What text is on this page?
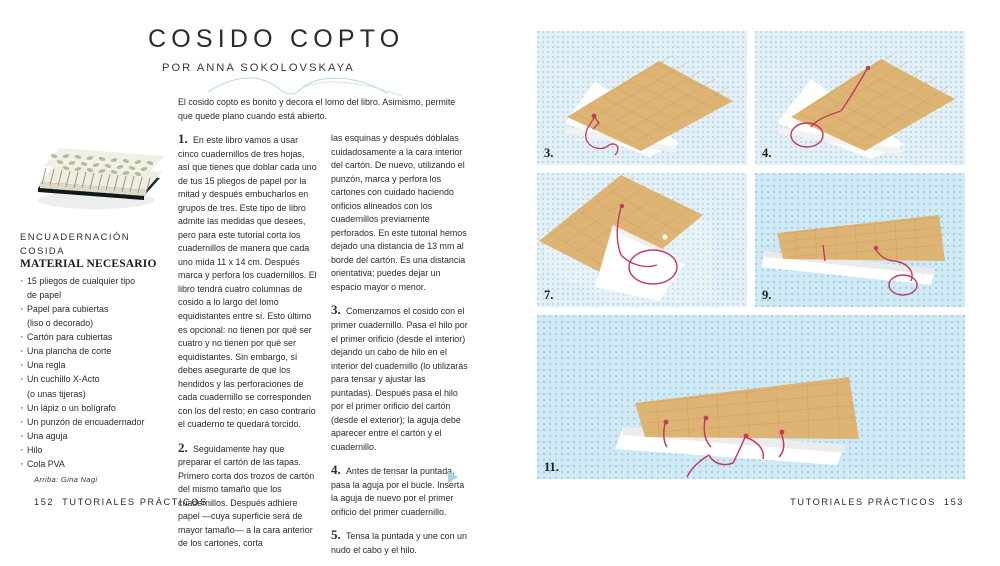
COSIDO COPTO
POR ANNA SOKOLOVSKAYA
ENCUADERNACIÓN COSIDA
MATERIAL NECESARIO
· 15 pliegos de cualquier tipo
de papel
· Papel para cubiertas
(liso o decorado)
· Cartón para cubiertas
· Una plancha de corte
· Una regla
· Un cuchillo X-Acto
(o unas tijeras)
· Un lápiz o un bolígrafo
· Un punzón de encuadernador
· Una aguja
· Hilo
· Cola PVA

El cosido copto es bonito y decora el lomo del libro. Asimismo, permite que quede plano cuando está abierto.

1. En este libro vamos a usar cinco cuadernillos de tres hojas, así que tienes que doblar cada uno de tus 15 pliegos de papel por la mitad y después embucharlos en grupos de tres. Este tipo de libro admite las medidas que desees, pero para este tutorial corta los cuadernillos de manera que cada uno mida 11 x 14 cm. Después marca y perfora los cuadernillos. El libro tendrá cuatro columnas de cosido a lo largo del lomo equidistantes entre sí. Esto último es opcional: no tienen por qué ser cuatro y no tienen por qué ser equidistantes. Sin embargo, sí debes asegurarte de que los hendidos y las perforaciones de cada cuadernillo se corresponden con los del resto; en caso contrario el cuaderno te quedará torcido.

2. Seguidamente hay que preparar el cartón de las tapas. Primero corta dos trozos de cartón del mismo tamaño que los cuadernillos. Después adhiere papel —cuya superficie será de mayor tamaño— a la cara anterior de los cartones, corta

las esquinas y después dóblalas cuidadosamente a la cara interior del cartón. De nuevo, utilizando el punzón, marca y perfora los cartones con cuidado haciendo orificios alineados con los cuadernillos previamente perforados. En este tutorial hemos dejado una distancia de 13 mm al borde del cartón. Es una distancia orientativa; puedes dejar un espacio mayor o menor.

3. Comenzamos el cosido con el primer cuadernillo. Pasa el hilo por el primer orificio (desde el interior) dejando un cabo de hilo en el interior del cuadernillo (lo utilizarás para tensar y ajustar las puntadas). Después pasa el hilo por el primer orificio del cartón (desde el exterior); la aguja debe aparecer entre el cartón y el cuadernillo.

4. Antes de tensar la puntada, pasa la aguja por el bucle. Inserta la aguja de nuevo por el primer orificio del primer cuadernillo.

5. Tensa la puntada y une con un nudo el cabo y el hilo.

Arriba: Gina Nagi
152 TUTORIALES PRÁCTICOS
3.	4.
7.	9.
11.
TUTORIALES PRÁCTICOS 153
